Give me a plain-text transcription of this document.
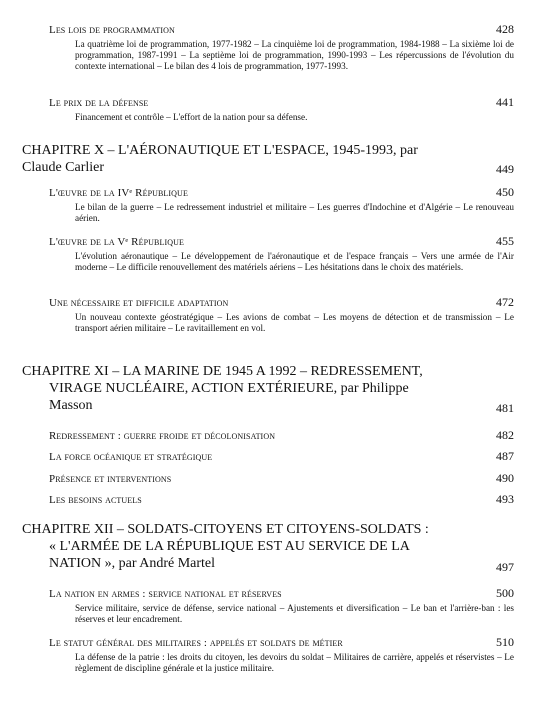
Les lois de programmation	428
La quatrième loi de programmation, 1977-1982 – La cinquième loi de programmation, 1984-1988 – La sixième loi de programmation, 1987-1991 – La septième loi de programmation, 1990-1993 – Les répercussions de l'évolution du contexte international – Le bilan des 4 lois de programmation, 1977-1993.
Le prix de la défense	441
Financement et contrôle – L'effort de la nation pour sa défense.
CHAPITRE X – L'AÉRONAUTIQUE ET L'ESPACE, 1945-1993, par
Claude Carlier	449
L'œuvre de la IVᵉ République	450
Le bilan de la guerre – Le redressement industriel et militaire – Les guerres d'Indochine et d'Algérie – Le renouveau aérien.
L'œuvre de la Vᵉ République	455
L'évolution aéronautique – Le développement de l'aéronautique et de l'espace français – Vers une armée de l'Air moderne – Le difficile renouvellement des matériels aériens – Les hésitations dans le choix des matériels.
Une nécessaire et difficile adaptation	472
Un nouveau contexte géostratégique – Les avions de combat – Les moyens de détection et de transmission – Le transport aérien militaire – Le ravitaillement en vol.
CHAPITRE XI – LA MARINE DE 1945 A 1992 – REDRESSEMENT,
VIRAGE NUCLÉAIRE, ACTION EXTÉRIEURE, par Philippe
Masson	481
Redressement : guerre froide et décolonisation	482
La force océanique et stratégique	487
Présence et interventions	490
Les besoins actuels	493
CHAPITRE XII – SOLDATS-CITOYENS ET CITOYENS-SOLDATS :
« L'ARMÉE DE LA RÉPUBLIQUE EST AU SERVICE DE LA
NATION », par André Martel	497
La nation en armes : service national et réserves	500
Service militaire, service de défense, service national – Ajustements et diversification – Le ban et l'arrière-ban : les réserves et leur encadrement.
Le statut général des militaires : appelés et soldats de métier	510
La défense de la patrie : les droits du citoyen, les devoirs du soldat – Militaires de carrière, appelés et réservistes – Le règlement de discipline générale et la justice militaire.
